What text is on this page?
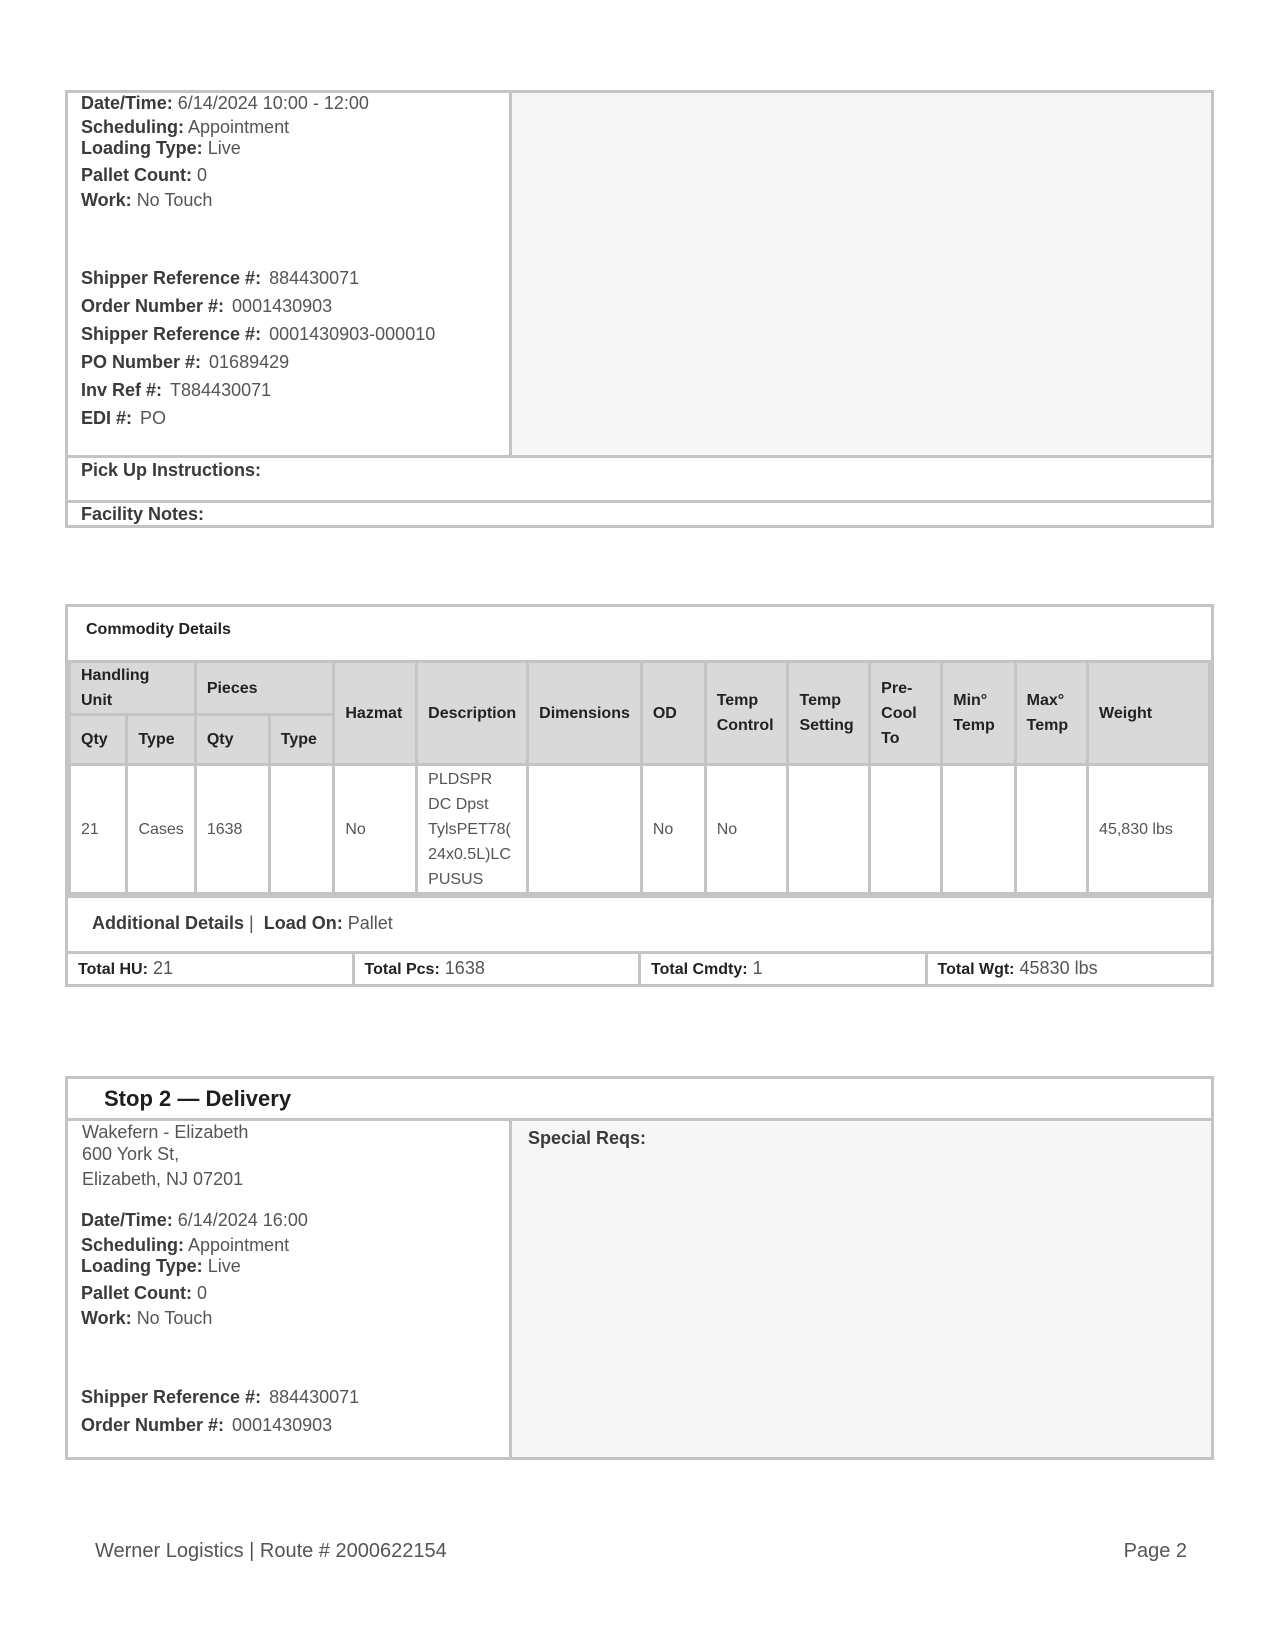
Date/Time: 6/14/2024 10:00 - 12:00
Scheduling: Appointment
Loading Type: Live
Pallet Count: 0
Work: No Touch
Shipper Reference #: 884430071
Order Number #: 0001430903
Shipper Reference #: 0001430903-000010
PO Number #: 01689429
Inv Ref #: T884430071
EDI #: PO
Pick Up Instructions:
Facility Notes:
Commodity Details
Handling Unit		Pieces		Hazmat	Description	Dimensions	OD	Temp Control	Temp Setting	Pre-Cool To	Min° Temp	Max° Temp	Weight
Qty	Type	Qty	Type										
21	Cases	1638		No	PLDSPR DC Dpst TylsPET78( 24x0.5L)LC PUSUS		No	No					45,830 lbs
Additional Details | Load On: Pallet
Total HU: 21	Total Pcs: 1638	Total Cmdty: 1	Total Wgt: 45830 lbs
Stop 2 — Delivery
Wakefern - Elizabeth
600 York St,
Elizabeth, NJ 07201
Date/Time: 6/14/2024 16:00
Scheduling: Appointment
Loading Type: Live
Pallet Count: 0
Work: No Touch
Shipper Reference #: 884430071
Order Number #: 0001430903
Special Reqs:
Werner Logistics | Route # 2000622154	Page 2
